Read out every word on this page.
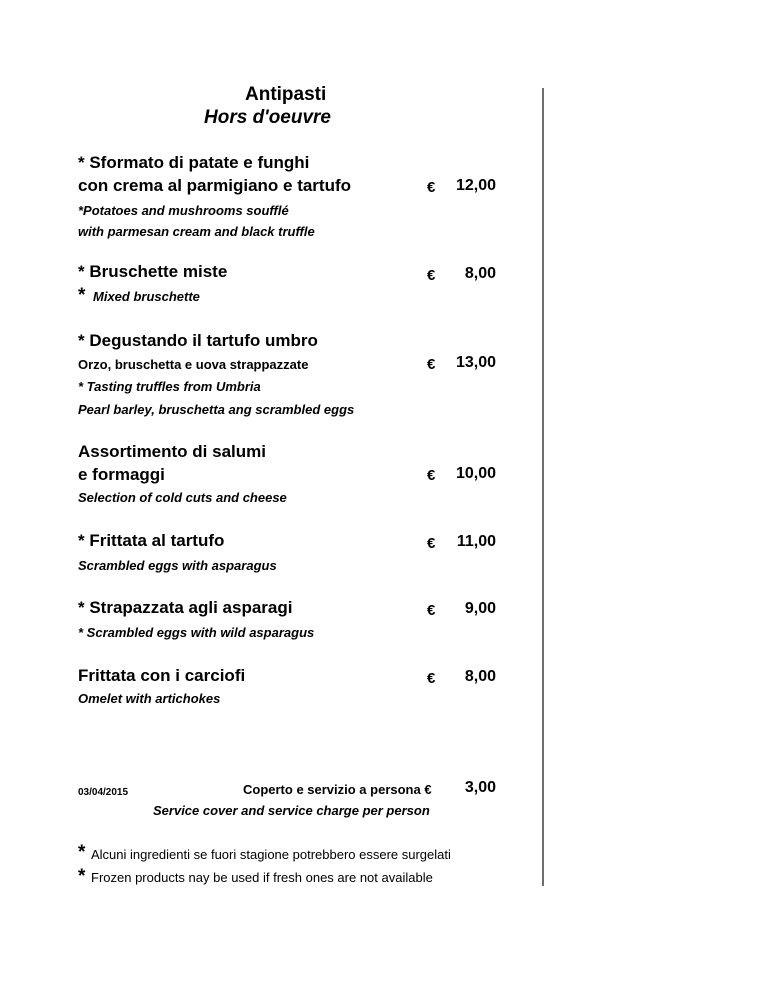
Antipasti
Hors d'oeuvre
* Sformato di patate e funghi
con crema al parmigiano e tartufo	€	12,00
*Potatoes and mushrooms soufflé
with parmesan cream and black truffle
* Bruschette miste	€	8,00
* Mixed bruschette
* Degustando il tartufo umbro
Orzo, bruschetta e uova strappazzate	€	13,00
* Tasting truffles from Umbria
Pearl barley, bruschetta ang scrambled eggs
Assortimento di salumi
e formaggi	€	10,00
Selection of cold cuts and cheese
* Frittata al tartufo	€	11,00
Scrambled eggs with asparagus
* Strapazzata agli asparagi	€	9,00
* Scrambled eggs with wild asparagus
Frittata con i carciofi	€	8,00
Omelet with artichokes
03/04/2015	Coperto e servizio a persona €	3,00
Service cover and service charge per person
* Alcuni ingredienti se fuori stagione potrebbero essere surgelati
* Frozen products nay be used if fresh ones are not available
